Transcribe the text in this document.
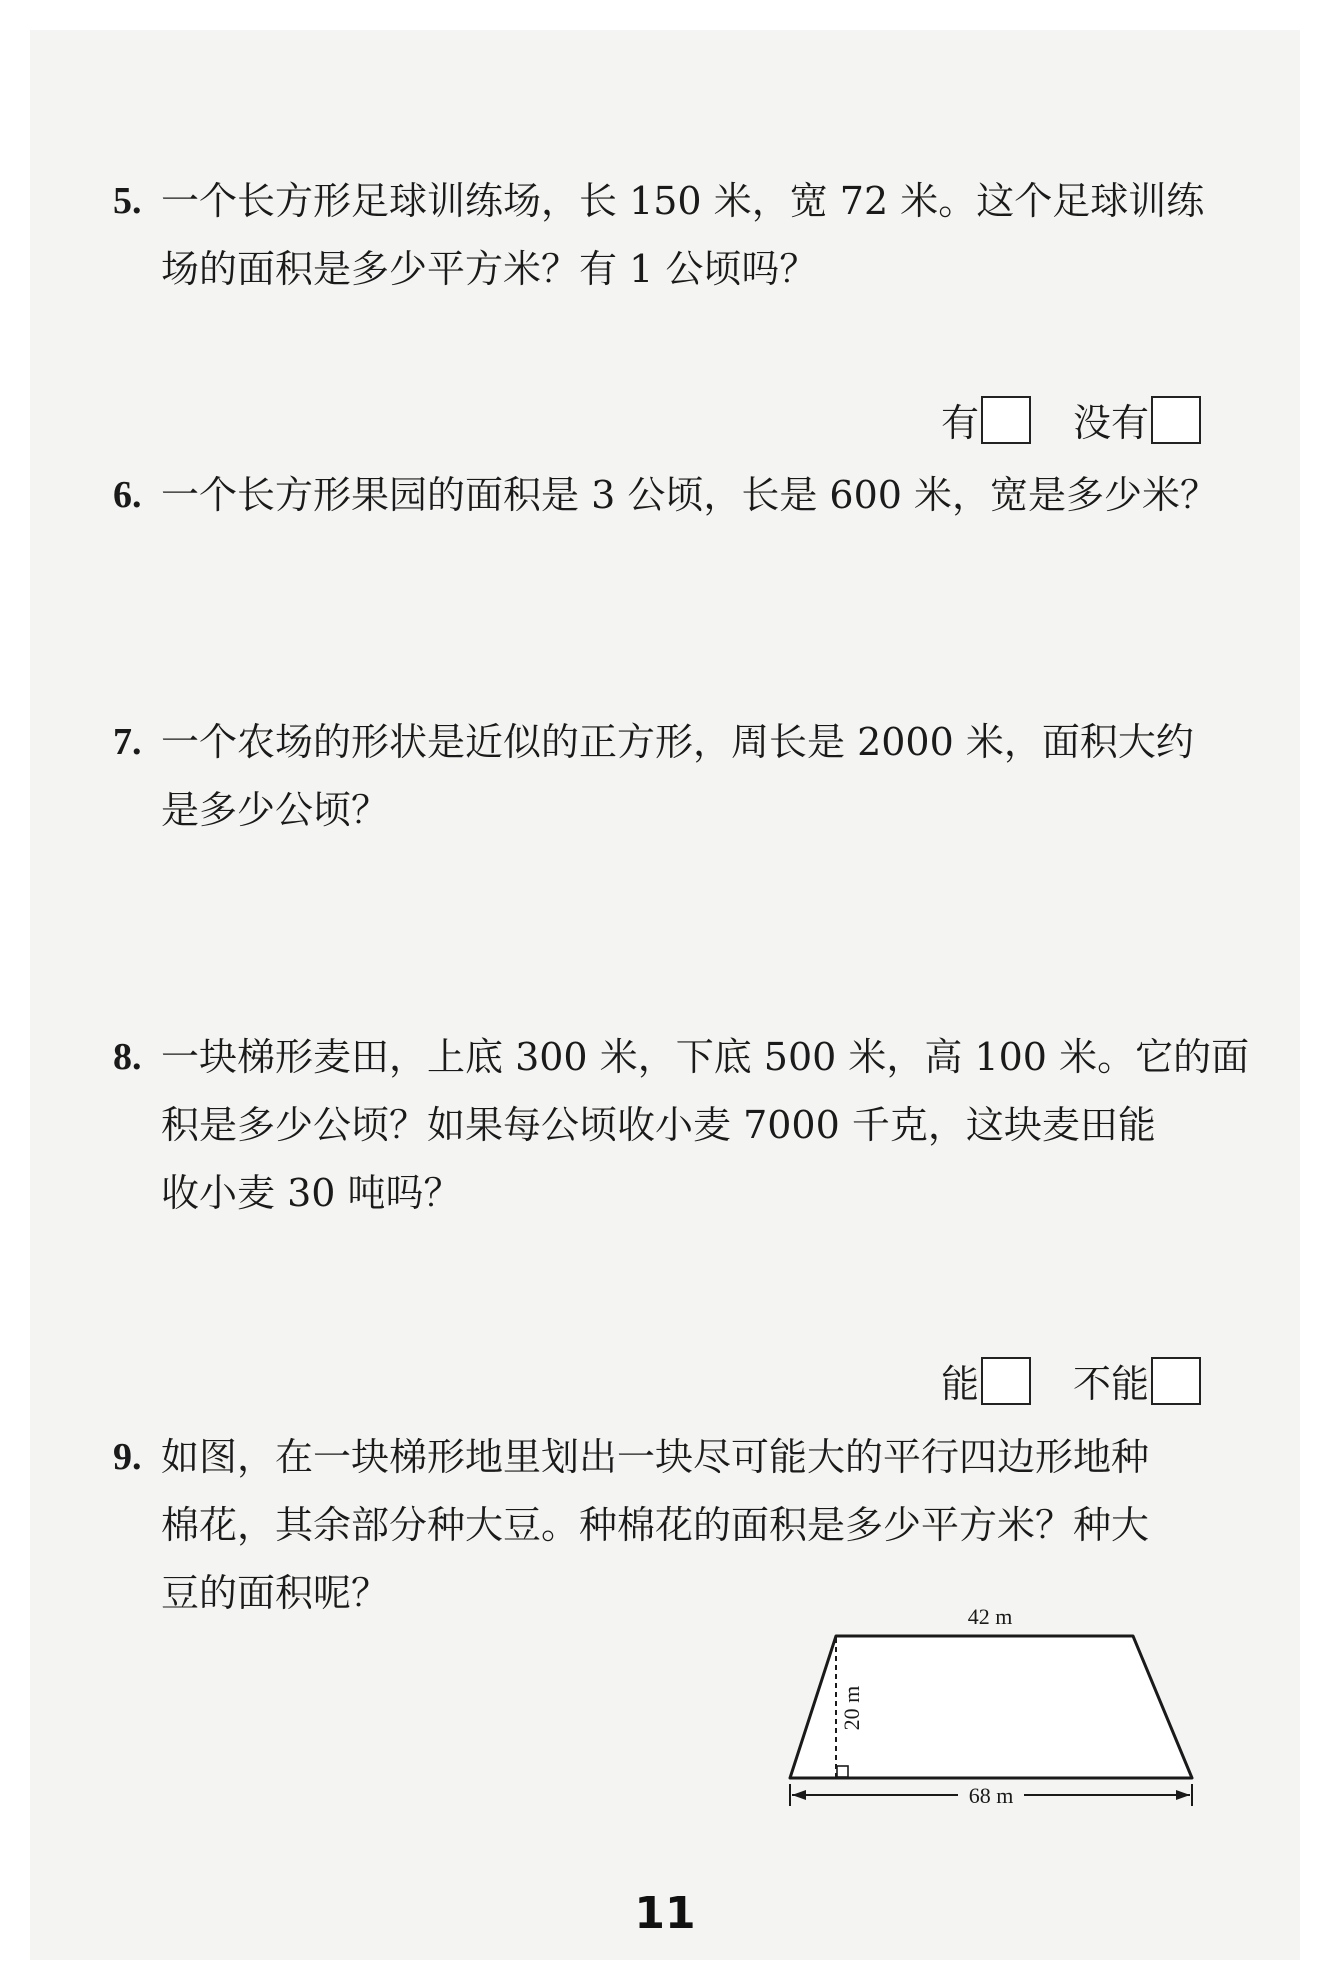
5. 一个长方形足球训练场，长 150 米，宽 72 米。这个足球训练
场的面积是多少平方米？有 1 公顷吗？
有 没有
6. 一个长方形果园的面积是 3 公顷，长是 600 米，宽是多少米？
7. 一个农场的形状是近似的正方形，周长是 2000 米，面积大约
是多少公顷？
8. 一块梯形麦田，上底 300 米，下底 500 米，高 100 米。它的面
积是多少公顷？如果每公顷收小麦 7000 千克，这块麦田能
收小麦 30 吨吗？
能 不能
9. 如图，在一块梯形地里划出一块尽可能大的平行四边形地种
棉花，其余部分种大豆。种棉花的面积是多少平方米？种大
豆的面积呢？
42 m
20 m
68 m
11
